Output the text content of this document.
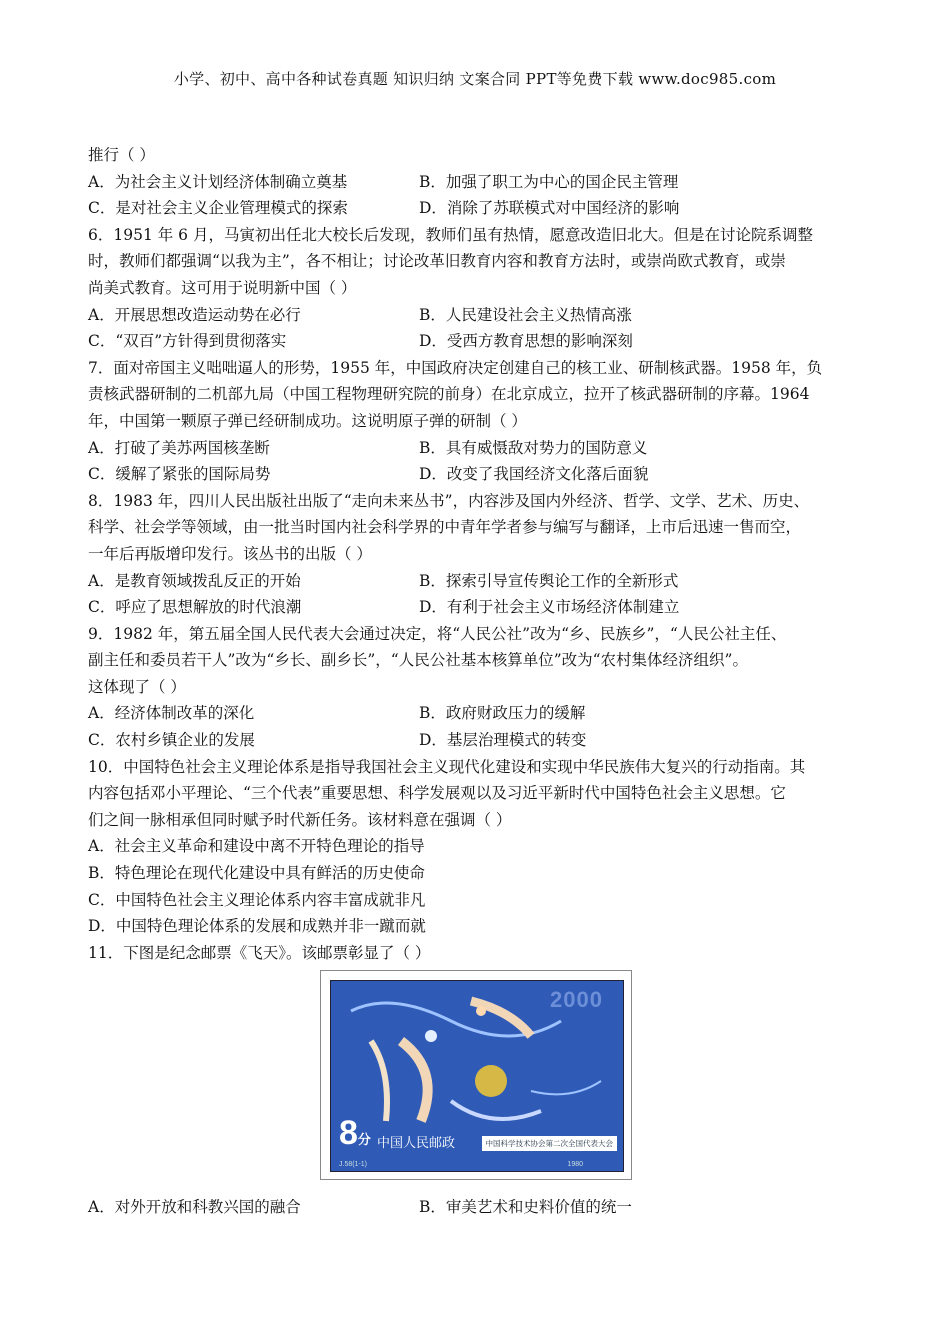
小学、初中、高中各种试卷真题 知识归纳 文案合同 PPT等免费下载 www.doc985.com
推行（ ）
A．为社会主义计划经济体制确立奠基	B．加强了职工为中心的国企民主管理
C．是对社会主义企业管理模式的探索	D．消除了苏联模式对中国经济的影响
6．1951 年 6 月，马寅初出任北大校长后发现，教师们虽有热情，愿意改造旧北大。但是在讨论院系调整
时，教师们都强调“以我为主”，各不相让；讨论改革旧教育内容和教育方法时，或崇尚欧式教育，或崇
尚美式教育。这可用于说明新中国（ ）
A．开展思想改造运动势在必行	B．人民建设社会主义热情高涨
C．“双百”方针得到贯彻落实	D．受西方教育思想的影响深刻
7．面对帝国主义咄咄逼人的形势，1955 年，中国政府决定创建自己的核工业、研制核武器。1958 年，负
责核武器研制的二机部九局（中国工程物理研究院的前身）在北京成立，拉开了核武器研制的序幕。1964
年，中国第一颗原子弹已经研制成功。这说明原子弹的研制（ ）
A．打破了美苏两国核垄断	B．具有威慑敌对势力的国防意义
C．缓解了紧张的国际局势	D．改变了我国经济文化落后面貌
8．1983 年，四川人民出版社出版了“走向未来丛书”，内容涉及国内外经济、哲学、文学、艺术、历史、
科学、社会学等领域，由一批当时国内社会科学界的中青年学者参与编写与翻译，上市后迅速一售而空，
一年后再版增印发行。该丛书的出版（ ）
A．是教育领域拨乱反正的开始	B．探索引导宣传舆论工作的全新形式
C．呼应了思想解放的时代浪潮	D．有利于社会主义市场经济体制建立
9．1982 年，第五届全国人民代表大会通过决定，将“人民公社”改为“乡、民族乡”，“人民公社主任、
副主任和委员若干人”改为“乡长、副乡长”，“人民公社基本核算单位”改为“农村集体经济组织”。
这体现了（ ）
A．经济体制改革的深化	B．政府财政压力的缓解
C．农村乡镇企业的发展	D．基层治理模式的转变
10．中国特色社会主义理论体系是指导我国社会主义现代化建设和实现中华民族伟大复兴的行动指南。其
内容包括邓小平理论、“三个代表”重要思想、科学发展观以及习近平新时代中国特色社会主义思想。它
们之间一脉相承但同时赋予时代新任务。该材料意在强调（ ）
A．社会主义革命和建设中离不开特色理论的指导
B．特色理论在现代化建设中具有鲜活的历史使命
C．中国特色社会主义理论体系内容丰富成就非凡
D．中国特色理论体系的发展和成熟并非一蹴而就
11．下图是纪念邮票《飞天》。该邮票彰显了（ ）
2000
8分 中国人民邮政	中国科学技术协会第二次全国代表大会
J.58(1-1)	1980
A．对外开放和科教兴国的融合	B．审美艺术和史料价值的统一
